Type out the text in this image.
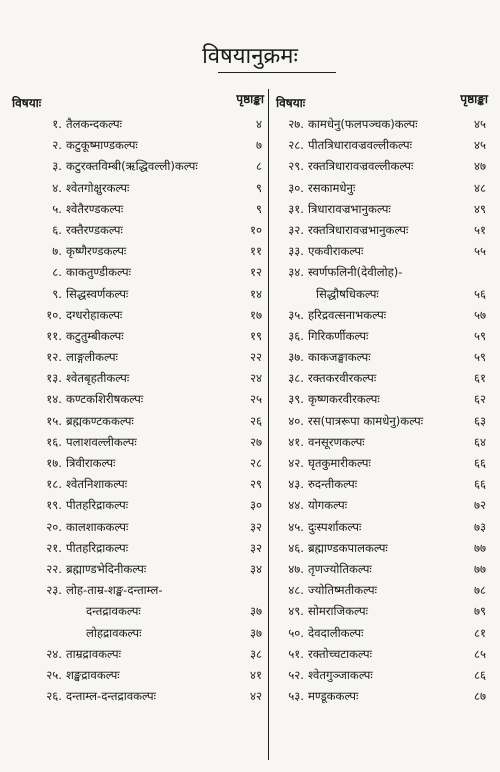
विषयानुक्रमः
विषयाः	पृष्ठाङ्का
१. तैलकन्दकल्पः	४
२. कटुकूष्माण्डकल्पः	७
३. कटुरक्तविम्बी(ऋद्धिवल्ली)कल्पः	८
४. श्वेतगोक्षुरकल्पः	९
५. श्वेतैरण्डकल्पः	९
६. रक्तैरण्डकल्पः	१०
७. कृष्णैरण्डकल्पः	११
८. काकतुण्डीकल्पः	१२
९. सिद्धस्वर्णकल्पः	१४
१०. दग्धरोहाकल्पः	१७
११. कटुतुम्बीकल्पः	१९
१२. लाङ्गलीकल्पः	२२
१३. श्वेतबृहतीकल्पः	२४
१४. कण्टकशिरीषकल्पः	२५
१५. ब्रह्मकण्टककल्पः	२६
१६. पलाशवल्लीकल्पः	२७
१७. त्रिवीराकल्पः	२८
१८. श्वेतनिशाकल्पः	२९
१९. पीतहरिद्राकल्पः	३०
२०. कालशाककल्पः	३२
२१. पीतहरिद्राकल्पः	३२
२२. ब्रह्माण्डभेदिनीकल्पः	३४
२३. लोह-ताम्र-शङ्ख-दन्ताम्ल-
दन्तद्रावकल्पः	३७
लोहद्रावकल्पः	३७
२४. ताम्रद्रावकल्पः	३८
२५. शङ्खद्रावकल्पः	४१
२६. दन्ताम्ल-दन्तद्रावकल्पः	४२
विषयाः	पृष्ठाङ्का
२७. कामधेनु(फलपञ्चक)कल्पः	४५
२८. पीतत्रिधारावज्रवल्लीकल्पः	४५
२९. रक्तत्रिधारावज्रवल्लीकल्पः	४७
३०. रसकामधेनुः	४८
३१. त्रिधारावज्रभानुकल्पः	४९
३२. रक्तत्रिधारावज्रभानुकल्पः	५१
३३. एकवीराकल्पः	५५
३४. स्वर्णफलिनी(देवीलोह)-
सिद्धौषधिकल्पः	५६
३५. हरिद्रवत्सनाभकल्पः	५७
३६. गिरिकर्णीकल्पः	५९
३७. काकजङ्घाकल्पः	५९
३८. रक्तकरवीरकल्पः	६१
३९. कृष्णकरवीरकल्पः	६२
४०. रस(पात्ररूपा कामधेनु)कल्पः	६३
४१. वनसूरणकल्पः	६४
४२. घृतकुमारीकल्पः	६६
४३. रुदन्तीकल्पः	६६
४४. योगकल्पः	७२
४५. दुःस्पर्शाकल्पः	७३
४६. ब्रह्माण्डकपालकल्पः	७७
४७. तृणज्योतिकल्पः	७७
४८. ज्योतिष्मतीकल्पः	७८
४९. सोमराजिकल्पः	७९
५०. देवदालीकल्पः	८१
५१. रक्तोच्चटाकल्पः	८५
५२. श्वेतगुञ्जाकल्पः	८६
५३. मण्डूककल्पः	८७
